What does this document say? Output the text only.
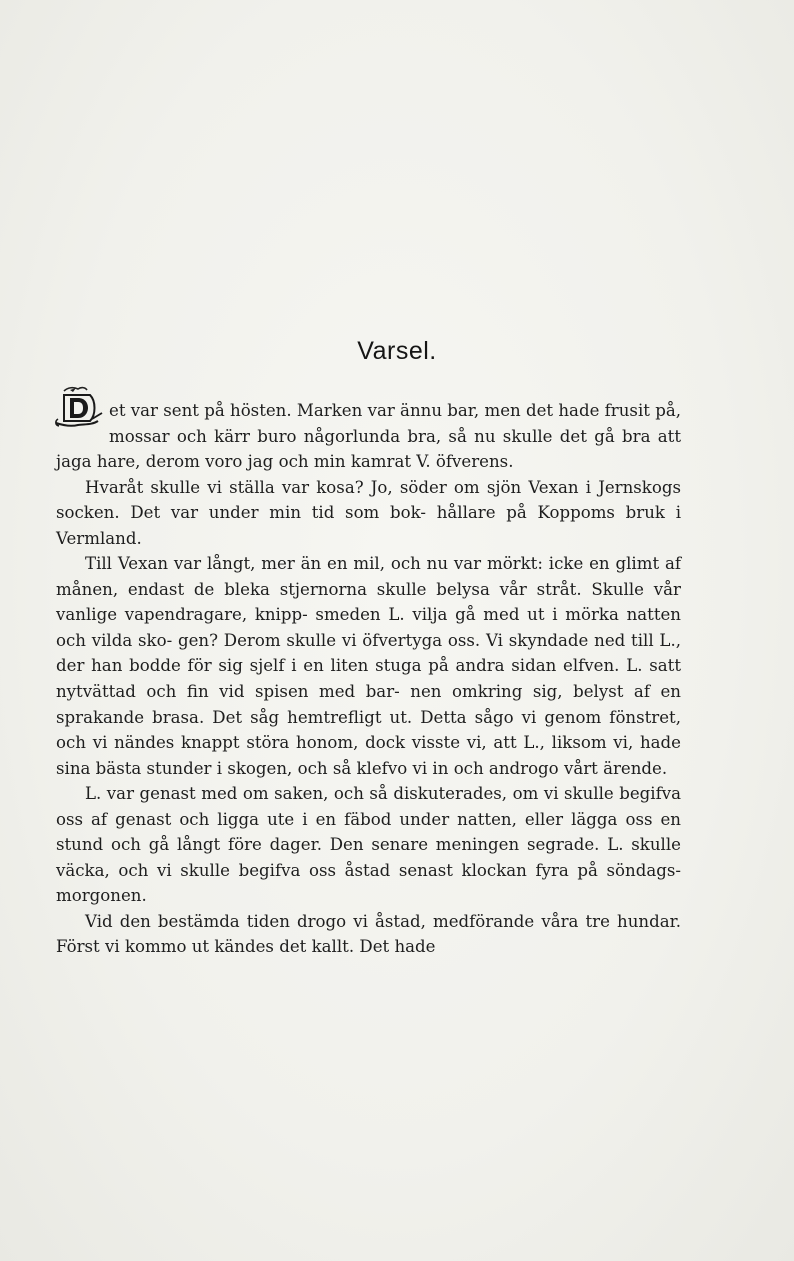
Varsel.

et var sent på hösten. Marken var ännu bar, men det hade frusit på, mossar och kärr buro någorlunda bra, så nu skulle det gå bra att jaga hare, derom voro jag och min kamrat V. öfverens.

Hvaråt skulle vi ställa var kosa? Jo, söder om sjön Vexan i Jernskogs socken. Det var under min tid som bok- hållare på Koppoms bruk i Vermland.

Till Vexan var långt, mer än en mil, och nu var mörkt: icke en glimt af månen, endast de bleka stjernorna skulle belysa vår stråt. Skulle vår vanlige vapendragare, knipp- smeden L. vilja gå med ut i mörka natten och vilda sko- gen? Derom skulle vi öfvertyga oss. Vi skyndade ned till L., der han bodde för sig sjelf i en liten stuga på andra sidan elfven. L. satt nytvättad och fin vid spisen med bar- nen omkring sig, belyst af en sprakande brasa. Det såg hemtrefligt ut. Detta sågo vi genom fönstret, och vi nändes knappt störa honom, dock visste vi, att L., liksom vi, hade sina bästa stunder i skogen, och så klefvo vi in och androgo vårt ärende.

L. var genast med om saken, och så diskuterades, om vi skulle begifva oss af genast och ligga ute i en fäbod under natten, eller lägga oss en stund och gå långt före dager. Den senare meningen segrade. L. skulle väcka, och vi skulle begifva oss åstad senast klockan fyra på söndags- morgonen.

Vid den bestämda tiden drogo vi åstad, medförande våra tre hundar. Först vi kommo ut kändes det kallt. Det hade
